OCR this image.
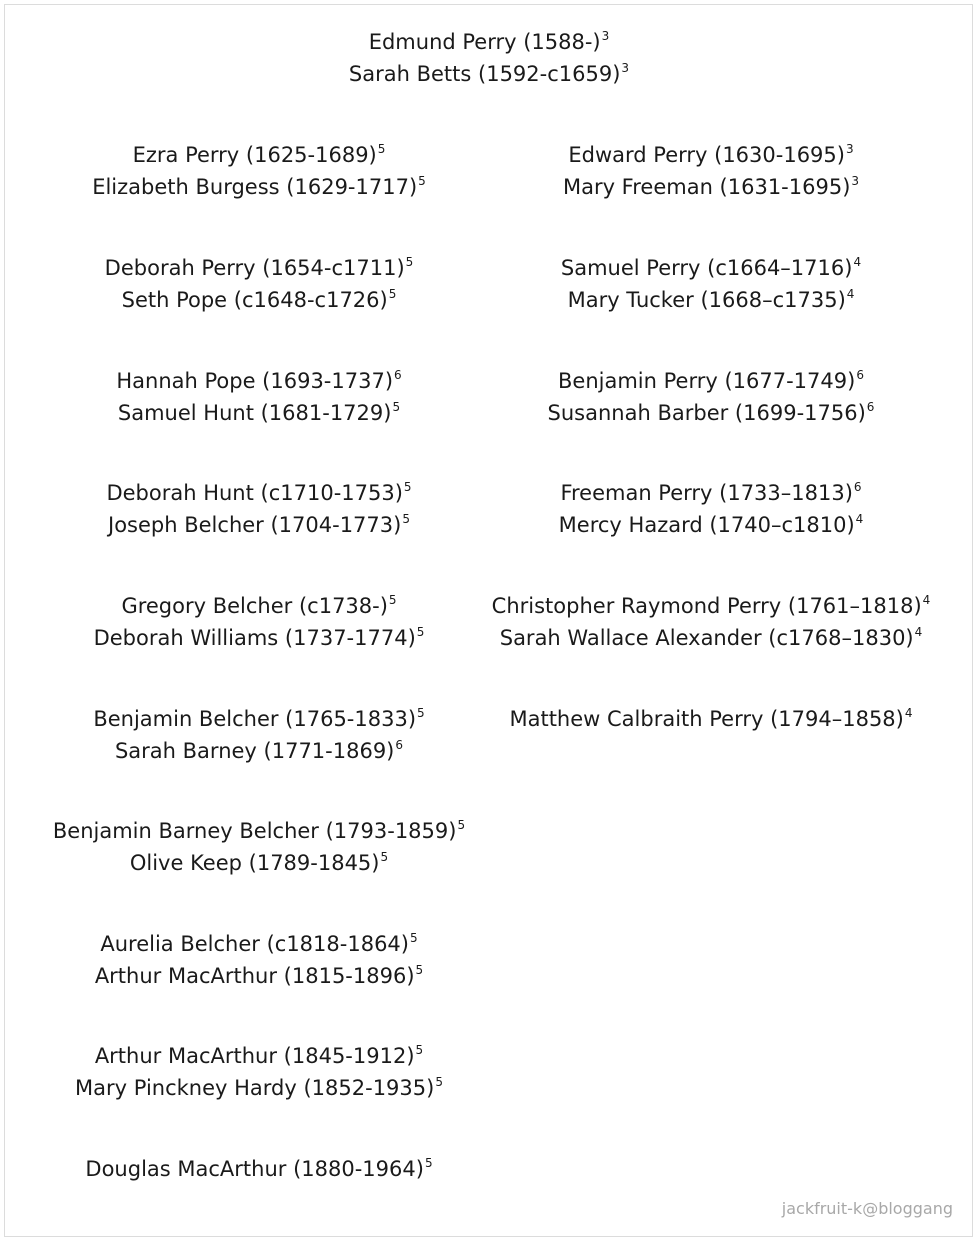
Edmund Perry $(1588-)^3$
Sarah Betts $(1592-c1659)^3$
Ezra Perry (1625-1689)$^5$
Elizabeth Burgess (1629-1717)$^5$
Deborah Perry $(1654-c1711)^5$
Seth Pope $(c1648-c1726)^5$
Hannah Pope (1693-1737)$^6$
Samuel Hunt (1681-1729)$^5$
Deborah Hunt $(c1710-1753)^5$
Joseph Belcher (1704-1773)$^5$
Gregory Belcher $(c1738-)^5$
Deborah Williams (1737-1774)$^5$
Benjamin Belcher (1765-1833)$^5$
Sarah Barney (1771-1869)$^6$
Benjamin Barney Belcher (1793-1859)$^5$
Olive Keep (1789-1845)$^5$
Aurelia Belcher $(c1818-1864)^5$
Arthur MacArthur (1815-1896)$^5$
Arthur MacArthur (1845-1912)$^5$
Mary Pinckney Hardy (1852-1935)$^5$
Douglas MacArthur (1880-1964)$^5$
Edward Perry (1630-1695)$^3$
Mary Freeman (1631-1695)$^3$
Samuel Perry $(c1664-1716)^4$
Mary Tucker $(1668-c1735)^4$
Benjamin Perry (1677-1749)$^6$
Susannah Barber (1699-1756)$^6$
Freeman Perry (1733–1813)$^6$
Mercy Hazard $(1740-c1810)^4$
Christopher Raymond Perry (1761–1818)$^4$
Sarah Wallace Alexander $(c1768-1830)^4$
Matthew Calbraith Perry (1794–1858)$^4$
jackfruit-k@bloggang
